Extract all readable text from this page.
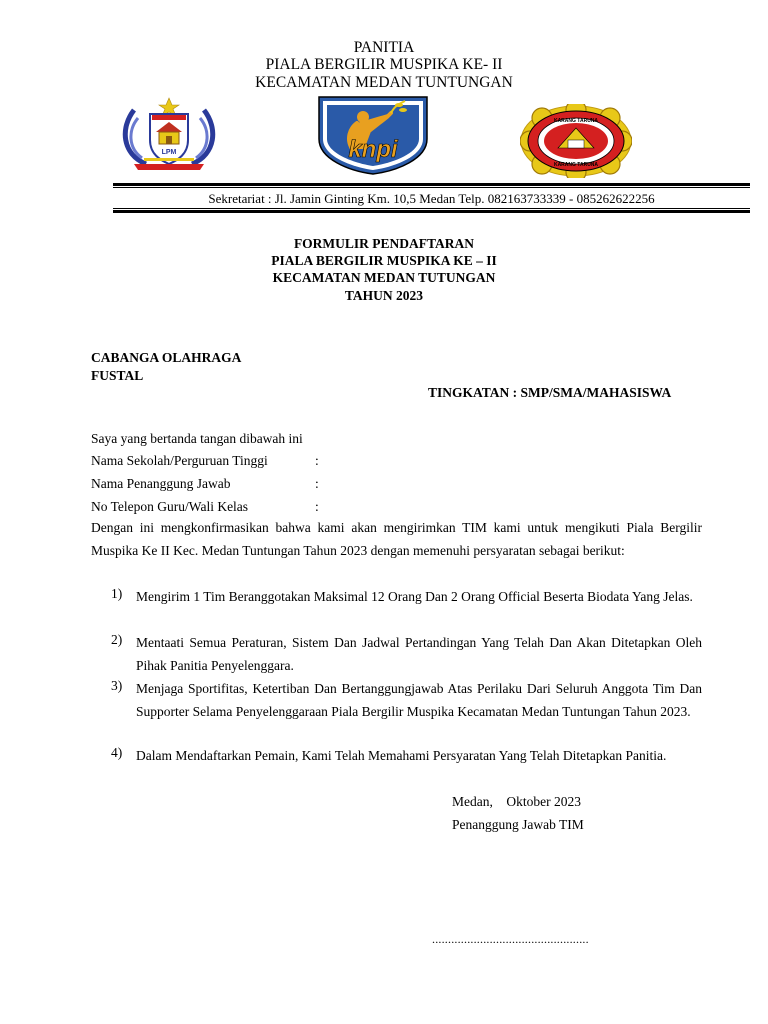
PANITIA
PIALA BERGILIR MUSPIKA KE- II
KECAMATAN MEDAN TUNTUNGAN
LPM	knpi
KARANG TARUNA
KARANG TARUNA
Sekretariat : Jl. Jamin Ginting Km. 10,5 Medan Telp. 082163733339 - 085262622256
FORMULIR PENDAFTARAN
PIALA BERGILIR MUSPIKA KE – II
KECAMATAN MEDAN TUTUNGAN
TAHUN 2023
CABANGA OLAHRAGA
FUSTAL
TINGKATAN : SMP/SMA/MAHASISWA
Saya yang bertanda tangan dibawah ini
Nama Sekolah/Perguruan Tinggi	:
Nama Penanggung Jawab	:
No Telepon Guru/Wali Kelas	:
Dengan ini mengkonfirmasikan bahwa kami akan mengirimkan TIM kami untuk mengikuti Piala Bergilir Muspika Ke II Kec. Medan Tuntungan Tahun 2023 dengan memenuhi persyaratan sebagai berikut:
1) Mengirim 1 Tim Beranggotakan Maksimal 12 Orang Dan 2 Orang Official Beserta Biodata Yang Jelas.
2) Mentaati Semua Peraturan, Sistem Dan Jadwal Pertandingan Yang Telah Dan Akan Ditetapkan Oleh Pihak Panitia Penyelenggara.
3) Menjaga Sportifitas, Ketertiban Dan Bertanggungjawab Atas Perilaku Dari Seluruh Anggota Tim Dan Supporter Selama Penyelenggaraan Piala Bergilir Muspika Kecamatan Medan Tuntungan Tahun 2023.
4) Dalam Mendaftarkan Pemain, Kami Telah Memahami Persyaratan Yang Telah Ditetapkan Panitia.
Medan,    Oktober 2023
Penanggung Jawab TIM
.................................................
